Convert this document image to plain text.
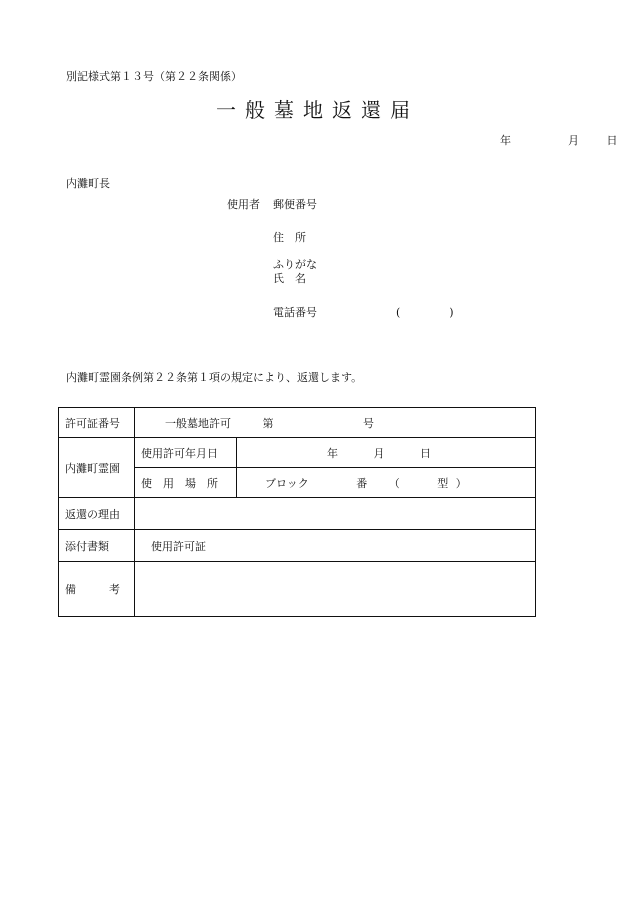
別記様式第１３号（第２２条関係）
一般墓地返還届
年	月	日
内灘町長
使用者 郵便番号
住　所
ふりがな
氏　名
電話番号	(　　　　)
内灘町霊園条例第２２条第１項の規定により、返還します。
許可証番号	一般墓地許可 第 号	
内灘町霊園	使用許可年月日	年 月 日
	使　用　場　所	ブロック 番 （ 型 ）
返還の理由		
添付書類	使用許可証	
備　　　考		
